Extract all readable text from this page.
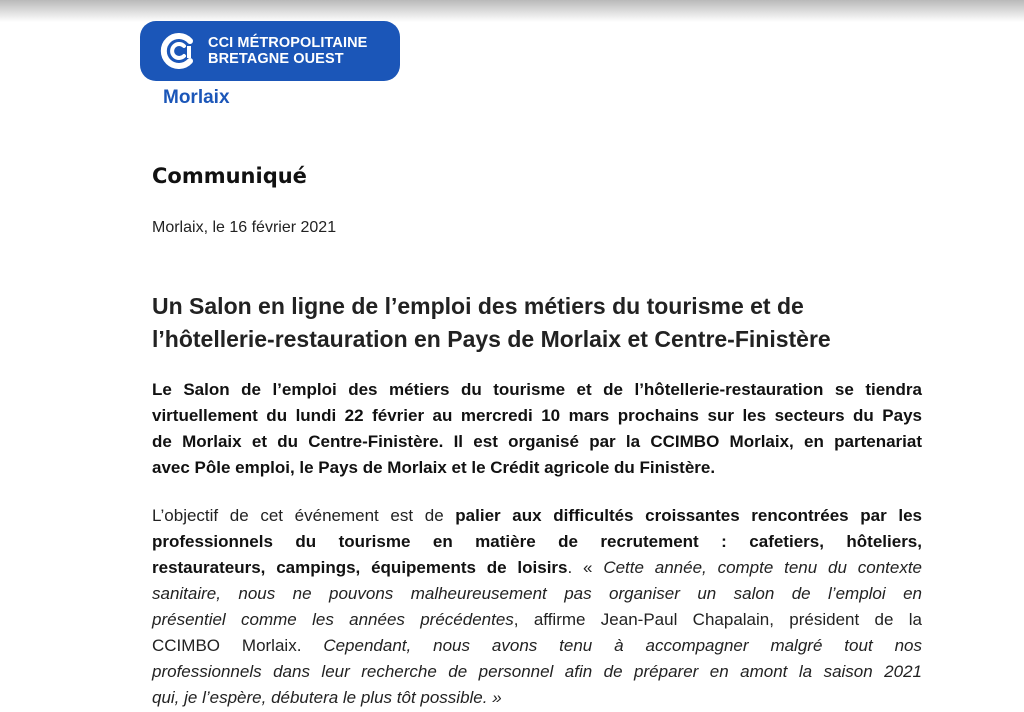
CCI MÉTROPOLITAINE
BRETAGNE OUEST
Morlaix
Communiqué
Morlaix, le 16 février 2021
Un Salon en ligne de l’emploi des métiers du tourisme et de
l’hôtellerie-restauration en Pays de Morlaix et Centre-Finistère
Le Salon de l’emploi des métiers du tourisme et de l’hôtellerie-restauration se tiendra
virtuellement du lundi 22 février au mercredi 10 mars prochains sur les secteurs du Pays
de Morlaix et du Centre-Finistère. Il est organisé par la CCIMBO Morlaix, en partenariat
avec Pôle emploi, le Pays de Morlaix et le Crédit agricole du Finistère.
L’objectif de cet événement est de palier aux difficultés croissantes rencontrées par les
professionnels du tourisme en matière de recrutement : cafetiers, hôteliers,
restaurateurs, campings, équipements de loisirs. « Cette année, compte tenu du contexte
sanitaire, nous ne pouvons malheureusement pas organiser un salon de l’emploi en
présentiel comme les années précédentes, affirme Jean-Paul Chapalain, président de la
CCIMBO Morlaix. Cependant, nous avons tenu à accompagner malgré tout nos
professionnels dans leur recherche de personnel afin de préparer en amont la saison 2021
qui, je l’espère, débutera le plus tôt possible. »
